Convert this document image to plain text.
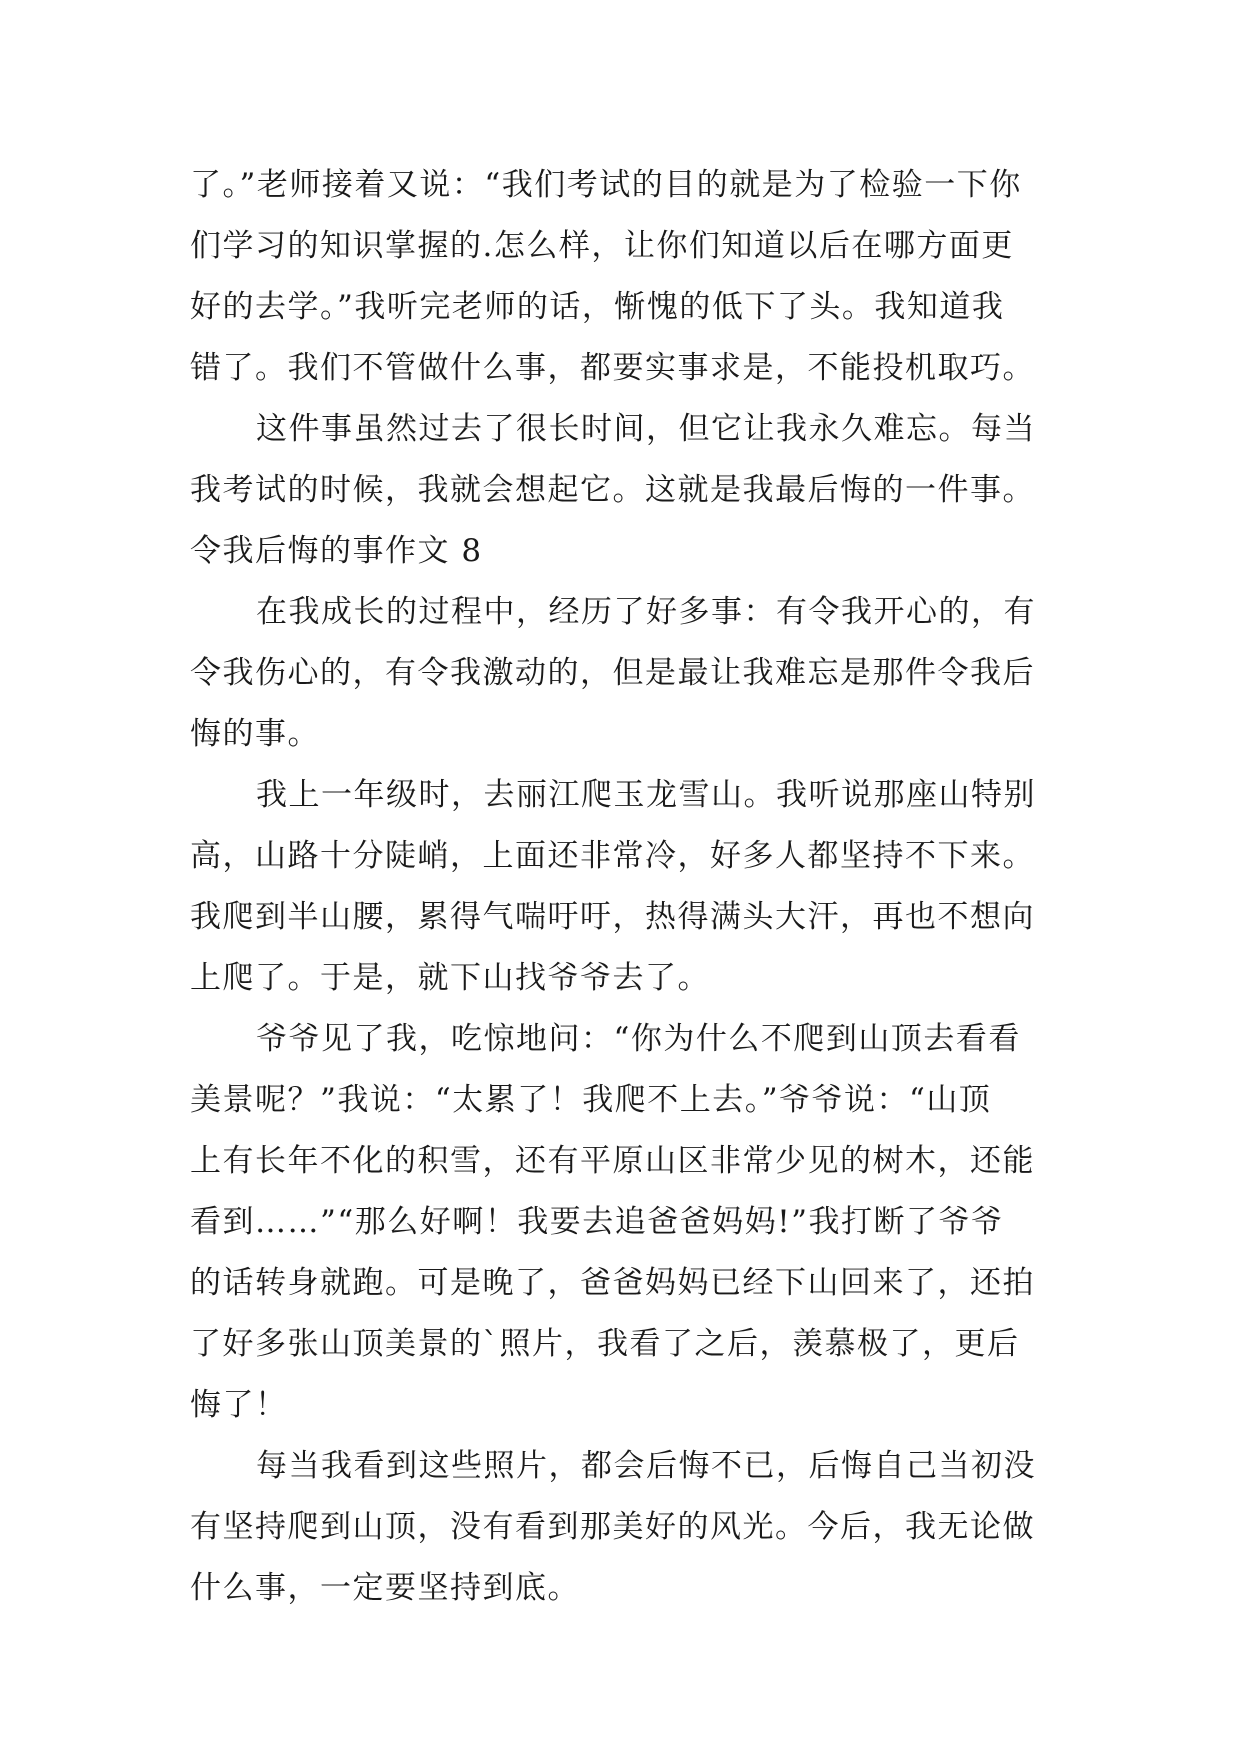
了。”老师接着又说：“我们考试的目的就是为了检验一下你
们学习的知识掌握的.怎么样，让你们知道以后在哪方面更
好的去学。”我听完老师的话，惭愧的低下了头。我知道我
错了。我们不管做什么事，都要实事求是，不能投机取巧。
这件事虽然过去了很长时间，但它让我永久难忘。每当
我考试的时候，我就会想起它。这就是我最后悔的一件事。
令我后悔的事作文 8
在我成长的过程中，经历了好多事：有令我开心的，有
令我伤心的，有令我激动的，但是最让我难忘是那件令我后
悔的事。
我上一年级时，去丽江爬玉龙雪山。我听说那座山特别
高，山路十分陡峭，上面还非常冷，好多人都坚持不下来。
我爬到半山腰，累得气喘吁吁，热得满头大汗，再也不想向
上爬了。于是，就下山找爷爷去了。
爷爷见了我，吃惊地问：“你为什么不爬到山顶去看看
美景呢？”我说：“太累了！我爬不上去。”爷爷说：“山顶
上有长年不化的积雪，还有平原山区非常少见的树木，还能
看到……”“那么好啊！我要去追爸爸妈妈!”我打断了爷爷
的话转身就跑。可是晚了，爸爸妈妈已经下山回来了，还拍
了好多张山顶美景的`照片，我看了之后，羡慕极了，更后
悔了！
每当我看到这些照片，都会后悔不已，后悔自己当初没
有坚持爬到山顶，没有看到那美好的风光。今后，我无论做
什么事，一定要坚持到底。
